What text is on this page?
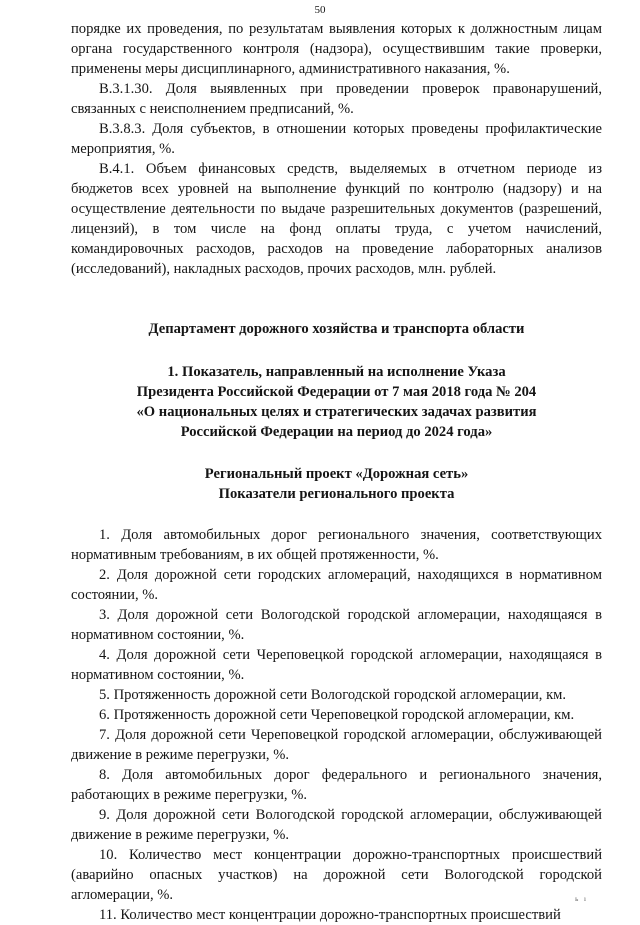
50

порядке их проведения, по результатам выявления которых к должностным лицам органа государственного контроля (надзора), осуществившим такие проверки, применены меры дисциплинарного, административного наказания, %.

В.3.1.30. Доля выявленных при проведении проверок правонарушений, связанных с неисполнением предписаний, %.

В.3.8.3. Доля субъектов, в отношении которых проведены профилактические мероприятия, %.

В.4.1. Объем финансовых средств, выделяемых в отчетном периоде из бюджетов всех уровней на выполнение функций по контролю (надзору) и на осуществление деятельности по выдаче разрешительных документов (разрешений, лицензий), в том числе на фонд оплаты труда, с учетом начислений, командировочных расходов, расходов на проведение лабораторных анализов (исследований), накладных расходов, прочих расходов, млн. рублей.

Департамент дорожного хозяйства и транспорта области

1. Показатель, направленный на исполнение Указа

Президента Российской Федерации от 7 мая 2018 года № 204

«О национальных целях и стратегических задачах развития

Российской Федерации на период до 2024 года»

Региональный проект «Дорожная сеть»

Показатели регионального проекта

1. Доля автомобильных дорог регионального значения, соответствующих нормативным требованиям, в их общей протяженности, %.

2. Доля дорожной сети городских агломераций, находящихся в нормативном состоянии, %.

3. Доля дорожной сети Вологодской городской агломерации, находящаяся в нормативном состоянии, %.

4. Доля дорожной сети Череповецкой городской агломерации, находящаяся в нормативном состоянии, %.

5. Протяженность дорожной сети Вологодской городской агломерации, км.

6. Протяженность дорожной сети Череповецкой городской агломерации, км.

7. Доля дорожной сети Череповецкой городской агломерации, обслуживающей движение в режиме перегрузки, %.

8. Доля автомобильных дорог федерального и регионального значения, работающих в режиме перегрузки, %.

9. Доля дорожной сети Вологодской городской агломерации, обслуживающей движение в режиме перегрузки, %.

10. Количество мест концентрации дорожно-транспортных происшествий (аварийно опасных участков) на дорожной сети Вологодской городской агломерации, %.

11. Количество мест концентрации дорожно-транспортных происшествий

ь ı
